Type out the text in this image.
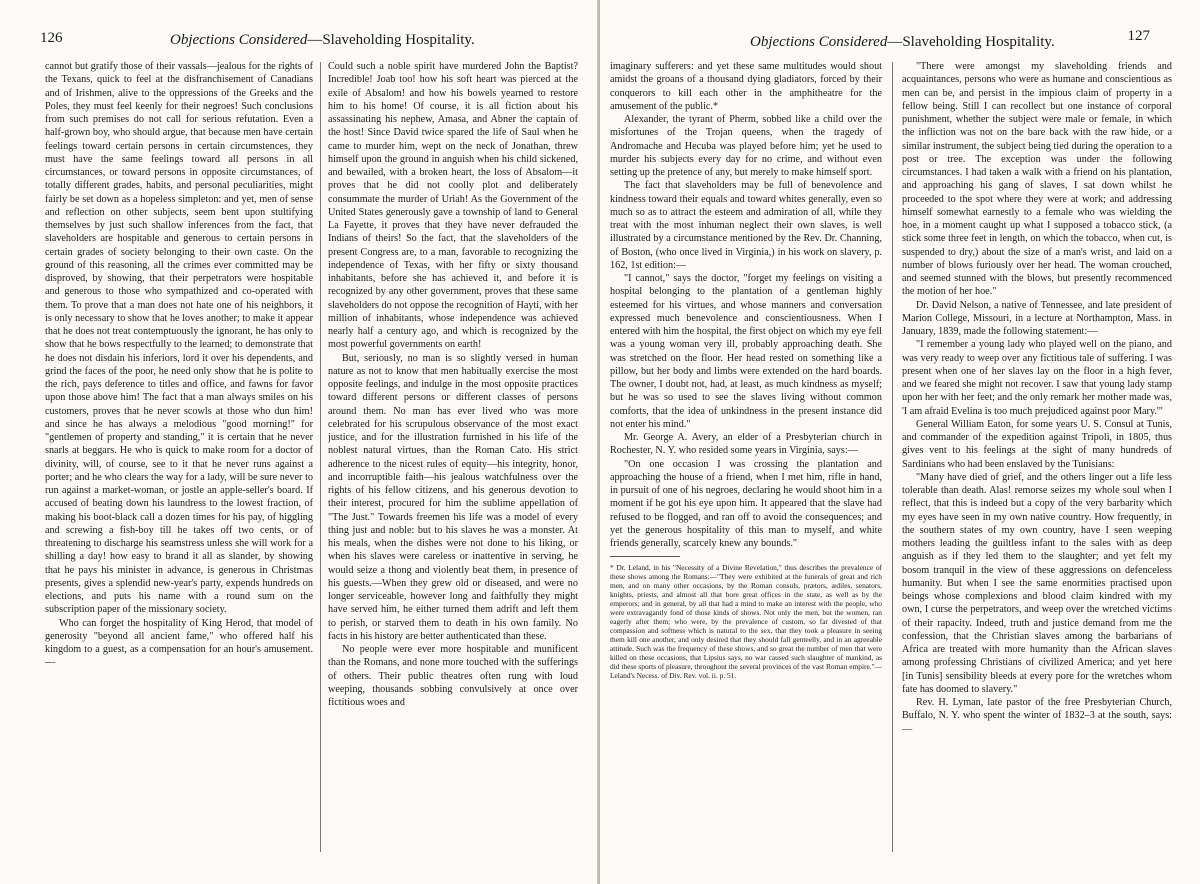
126	Objections Considered—Slaveholding Hospitality.

cannot but gratify those of their vassals—jealous for the rights of the Texans, quick to feel at the disfranchisement of Canadians and of Irishmen, alive to the oppressions of the Greeks and the Poles, they must feel keenly for their negroes! Such conclusions from such premises do not call for serious refutation. Even a half-grown boy, who should argue, that because men have certain feelings toward certain persons in certain circumstences, they must have the same feelings toward all persons in all circumstances, or toward persons in opposite circumstances, of totally different grades, habits, and personal peculiarities, might fairly be set down as a hopeless simpleton: and yet, men of sense and reflection on other subjects, seem bent upon stultifying themselves by just such shallow inferences from the fact, that slaveholders are hospitable and generous to certain persons in certain grades of society belonging to their own caste. On the ground of this reasoning, all the crimes ever committed may be disproved, by showing, that their perpetrators were hospitable and generous to those who sympathized and co-operated with them. To prove that a man does not hate one of his neighbors, it is only necessary to show that he loves another; to make it appear that he does not treat contemptuously the ignorant, he has only to show that he bows respectfully to the learned; to demonstrate that he does not disdain his inferiors, lord it over his dependents, and grind the faces of the poor, he need only show that he is polite to the rich, pays deference to titles and office, and fawns for favor upon those above him! The fact that a man always smiles on his customers, proves that he never scowls at those who dun him! and since he has always a melodious "good morning!" for "gentlemen of property and standing," it is certain that he never snarls at beggars. He who is quick to make room for a doctor of divinity, will, of course, see to it that he never runs against a porter; and he who clears the way for a lady, will be sure never to run against a market-woman, or jostle an apple-seller's board. If accused of beating down his laundress to the lowest fraction, of making his boot-black call a dozen times for his pay, of higgling and screwing a fish-boy till he takes off two cents, or of threatening to discharge his seamstress unless she will work for a shilling a day! how easy to brand it all as slander, by showing that he pays his minister in advance, is generous in Christmas presents, gives a splendid new-year's party, expends hundreds on elections, and puts his name with a round sum on the subscription paper of the missionary society.

Who can forget the hospitality of King Herod, that model of generosity "beyond all ancient fame," who offered half his kingdom to a guest, as a compensation for an hour's amusement.—

Could such a noble spirit have murdered John the Baptist? Incredible! Joab too! how his soft heart was pierced at the exile of Absalom! and how his bowels yearned to restore him to his home! Of course, it is all fiction about his assassinating his nephew, Amasa, and Abner the captain of the host! Since David twice spared the life of Saul when he came to murder him, wept on the neck of Jonathan, threw himself upon the ground in anguish when his child sickened, and bewailed, with a broken heart, the loss of Absalom—it proves that he did not coolly plot and deliberately consummate the murder of Uriah! As the Government of the United States generously gave a township of land to General La Fayette, it proves that they have never defrauded the Indians of theirs! So the fact, that the slaveholders of the present Congress are, to a man, favorable to recognizing the independence of Texas, with her fifty or sixty thousand inhabitants, before she has achieved it, and before it is recognized by any other government, proves that these same slaveholders do not oppose the recognition of Hayti, with her million of inhabitants, whose independence was achieved nearly half a century ago, and which is recognized by the most powerful governments on earth!

But, seriously, no man is so slightly versed in human nature as not to know that men habitually exercise the most opposite feelings, and indulge in the most opposite practices toward different persons or different classes of persons around them. No man has ever lived who was more celebrated for his scrupulous observance of the most exact justice, and for the illustration furnished in his life of the noblest natural virtues, than the Roman Cato. His strict adherence to the nicest rules of equity—his integrity, honor, and incorruptible faith—his jealous watchfulness over the rights of his fellow citizens, and his generous devotion to their interest, procured for him the sublime appellation of "The Just." Towards freemen his life was a model of every thing just and noble: but to his slaves he was a monster. At his meals, when the dishes were not done to his liking, or when his slaves were careless or inattentive in serving, he would seize a thong and violently beat them, in presence of his guests.—When they grew old or diseased, and were no longer serviceable, however long and faithfully they might have served him, he either turned them adrift and left them to perish, or starved them to death in his own family. No facts in his history are better authenticated than these.

No people were ever more hospitable and munificent than the Romans, and none more touched with the sufferings of others. Their public theatres often rung with loud weeping, thousands sobbing convulsively at once over fictitious woes and

Objections Considered—Slaveholding Hospitality.	127

imaginary sufferers: and yet these same multitudes would shout amidst the groans of a thousand dying gladiators, forced by their conquerors to kill each other in the amphitheatre for the amusement of the public.*

Alexander, the tyrant of Pherm, sobbed like a child over the misfortunes of the Trojan queens, when the tragedy of Andromache and Hecuba was played before him; yet he used to murder his subjects every day for no crime, and without even setting up the pretence of any, but merely to make himself sport.

The fact that slaveholders may be full of benevolence and kindness toward their equals and toward whites generally, even so much so as to attract the esteem and admiration of all, while they treat with the most inhuman neglect their own slaves, is well illustrated by a circumstance mentioned by the Rev. Dr. Channing, of Boston, (who once lived in Virginia,) in his work on slavery, p. 162, 1st edition:—

"I cannot," says the doctor, "forget my feelings on visiting a hospital belonging to the plantation of a gentleman highly esteemed for his virtues, and whose manners and conversation expressed much benevolence and conscientiousness. When I entered with him the hospital, the first object on which my eye fell was a young woman very ill, probably approaching death. She was stretched on the floor. Her head rested on something like a pillow, but her body and limbs were extended on the hard boards. The owner, I doubt not, had, at least, as much kindness as myself; but he was so used to see the slaves living without common comforts, that the idea of unkindness in the present instance did not enter his mind."

Mr. George A. Avery, an elder of a Presbyterian church in Rochester, N. Y. who resided some years in Virginia, says:—

"On one occasion I was crossing the plantation and approaching the house of a friend, when I met him, rifle in hand, in pursuit of one of his negroes, declaring he would shoot him in a moment if he got his eye upon him. It appeared that the slave had refused to be flogged, and ran off to avoid the consequences; and yet the generous hospitality of this man to myself, and white friends generally, scarcely knew any bounds."

* Dr. Leland, in his "Necessity of a Divine Revelation," thus describes the prevalence of these shows among the Romans:—"They were exhibited at the funerals of great and rich men, and on many other occasions, by the Roman consuls, prætors, ædiles, senators, knights, priests, and almost all that bore great offices in the state, as well as by the emperors; and in general, by all that had a mind to make an interest with the people, who were extravagantly fond of those kinds of shows. Not only the men, but the women, ran eagerly after them; who were, by the prevalence of custom, so far divested of that compassion and softness which is natural to the sex, that they took a pleasure in seeing them kill one another, and only desired that they should fall genteelly, and in an agreeable attitude. Such was the frequency of these shows, and so great the number of men that were killed on these occasions, that Lipsius says, no war caused such slaughter of mankind, as did these sports of pleasure, throughout the several provinces of the vast Roman empire."—Leland's Necess. of Div. Rev. vol. ii. p. 51.

"There were amongst my slaveholding friends and acquaintances, persons who were as humane and conscientious as men can be, and persist in the impious claim of property in a fellow being. Still I can recollect but one instance of corporal punishment, whether the subject were male or female, in which the infliction was not on the bare back with the raw hide, or a similar instrument, the subject being tied during the operation to a post or tree. The exception was under the following circumstances. I had taken a walk with a friend on his plantation, and approaching his gang of slaves, I sat down whilst he proceeded to the spot where they were at work; and addressing himself somewhat earnestly to a female who was wielding the hoe, in a moment caught up what I supposed a tobacco stick, (a stick some three feet in length, on which the tobacco, when cut, is suspended to dry,) about the size of a man's wrist, and laid on a number of blows furiously over her head. The woman crouched, and seemed stunned with the blows, but presently recommenced the motion of her hoe."

Dr. David Nelson, a native of Tennessee, and late president of Marion College, Missouri, in a lecture at Northampton, Mass. in January, 1839, made the following statement:—

"I remember a young lady who played well on the piano, and was very ready to weep over any fictitious tale of suffering. I was present when one of her slaves lay on the floor in a high fever, and we feared she might not recover. I saw that young lady stamp upon her with her feet; and the only remark her mother made was, 'I am afraid Evelina is too much prejudiced against poor Mary.'"

General William Eaton, for some years U. S. Consul at Tunis, and commander of the expedition against Tripoli, in 1805, thus gives vent to his feelings at the sight of many hundreds of Sardinians who had been enslaved by the Tunisians:

"Many have died of grief, and the others linger out a life less tolerable than death. Alas! remorse seizes my whole soul when I reflect, that this is indeed but a copy of the very barbarity which my eyes have seen in my own native country. How frequently, in the southern states of my own country, have I seen weeping mothers leading the guiltless infant to the sales with as deep anguish as if they led them to the slaughter; and yet felt my bosom tranquil in the view of these aggressions on defenceless humanity. But when I see the same enormities practised upon beings whose complexions and blood claim kindred with my own, I curse the perpetrators, and weep over the wretched victims of their rapacity. Indeed, truth and justice demand from me the confession, that the Christian slaves among the barbarians of Africa are treated with more humanity than the African slaves among professing Christians of civilized America; and yet here [in Tunis] sensibility bleeds at every pore for the wretches whom fate has doomed to slavery."

Rev. H. Lyman, late pastor of the free Presbyterian Church, Buffalo, N. Y. who spent the winter of 1832–3 at the south, says:—
